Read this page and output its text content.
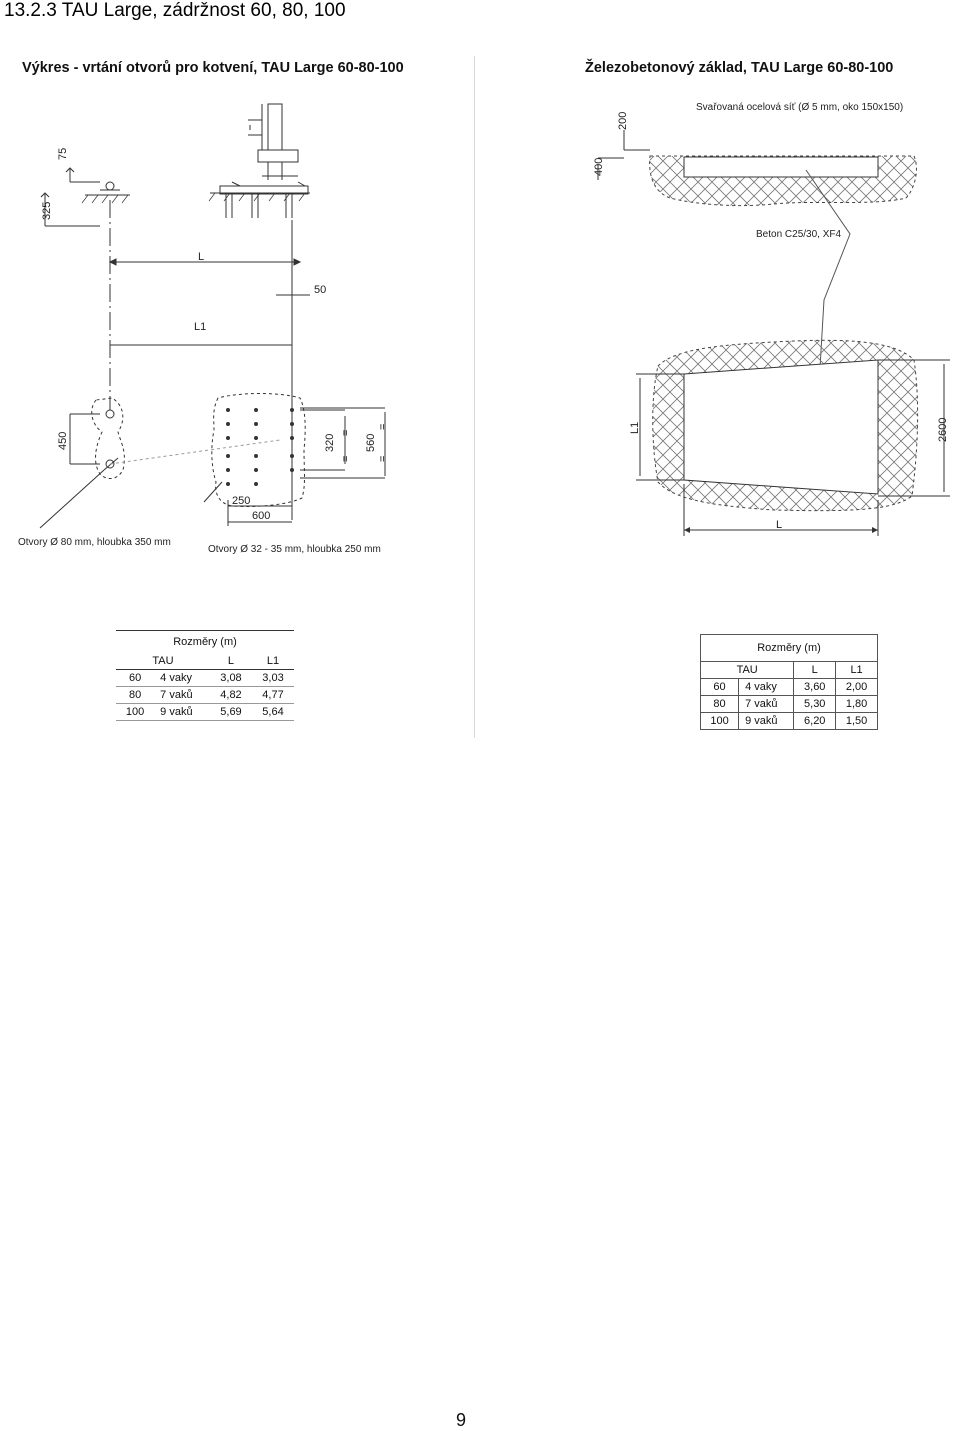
13.2.3 TAU Large, zádržnost 60, 80, 100
Výkres - vrtání otvorů pro kotvení, TAU Large 60-80-100	Železobetonový základ, TAU Large 60-80-100
75
325
L
50
L1
450	320
=
=
560
=
=
250
600
Otvory Ø 80 mm, hloubka 350 mm
Otvory Ø 32 - 35 mm, hloubka 250 mm
Svařovaná ocelová síť (Ø 5 mm, oko 150x150)
Beton C25/30, XF4
200
400
L1	2600
L
Rozměry (m)			
TAU		L	L1
60	4 vaky	3,08	3,03
80	7 vaků	4,82	4,77
100	9 vaků	5,69	5,64
Rozměry (m)			
TAU		L	L1
60	4 vaky	3,60	2,00
80	7 vaků	5,30	1,80
100	9 vaků	6,20	1,50
9
